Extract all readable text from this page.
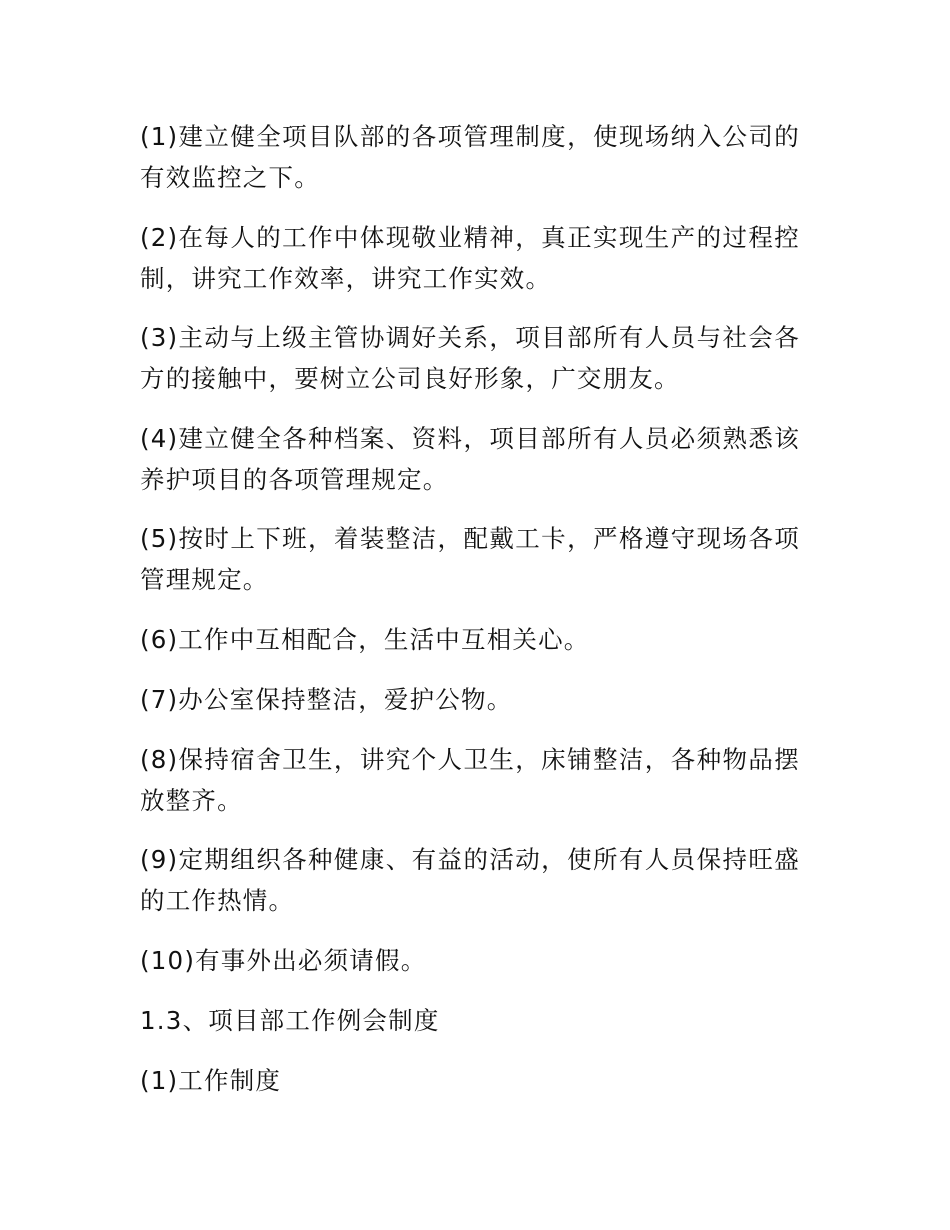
(1)建立健全项目队部的各项管理制度，使现场纳入公司的有效监控之下。

(2)在每人的工作中体现敬业精神，真正实现生产的过程控制，讲究工作效率，讲究工作实效。

(3)主动与上级主管协调好关系，项目部所有人员与社会各方的接触中，要树立公司良好形象，广交朋友。

(4)建立健全各种档案、资料，项目部所有人员必须熟悉该养护项目的各项管理规定。

(5)按时上下班，着装整洁，配戴工卡，严格遵守现场各项管理规定。

(6)工作中互相配合，生活中互相关心。

(7)办公室保持整洁，爱护公物。

(8)保持宿舍卫生，讲究个人卫生，床铺整洁，各种物品摆放整齐。

(9)定期组织各种健康、有益的活动，使所有人员保持旺盛的工作热情。

(10)有事外出必须请假。

1.3、项目部工作例会制度

(1)工作制度
